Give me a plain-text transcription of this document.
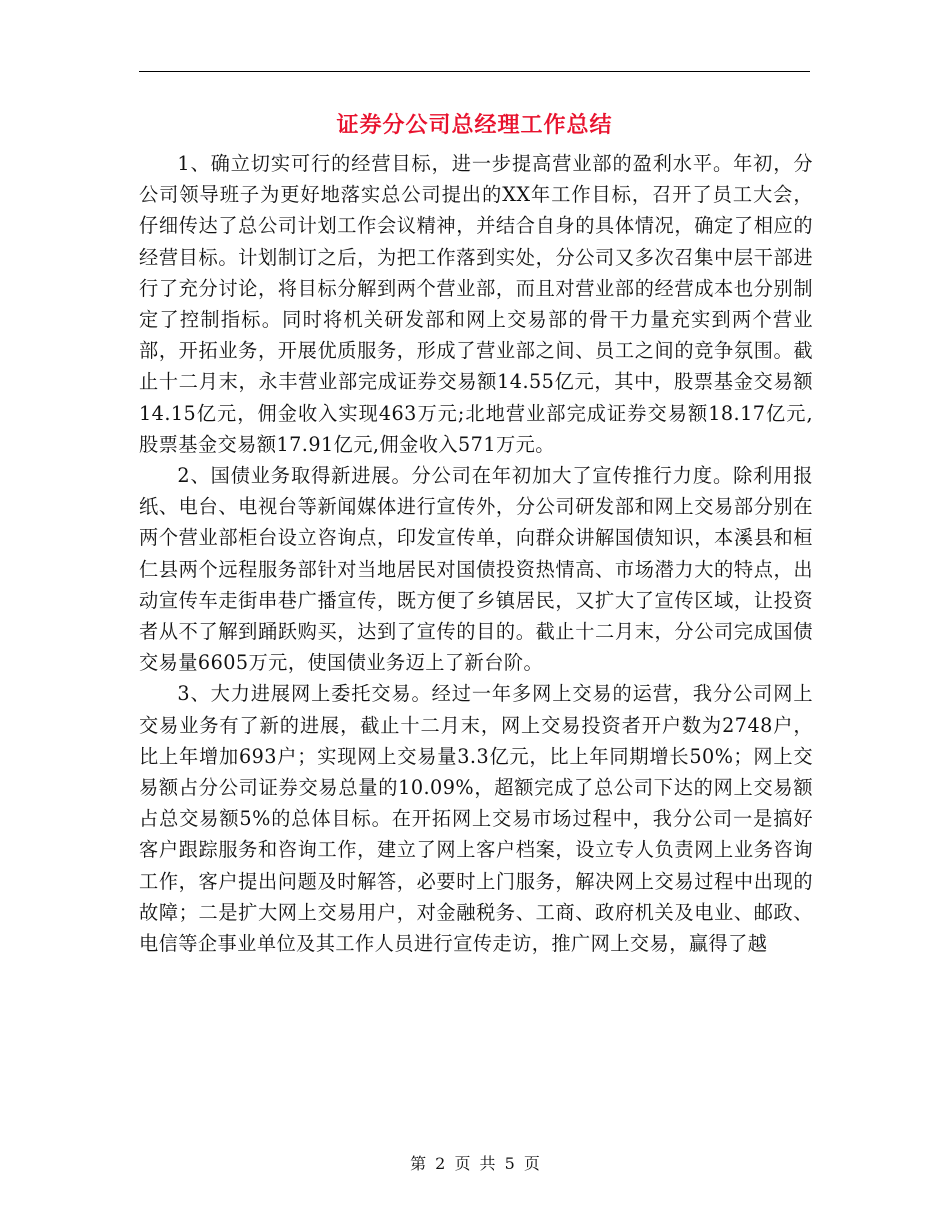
证券分公司总经理工作总结

1、确立切实可行的经营目标，进一步提高营业部的盈利水平。年初，分公司领导班子为更好地落实总公司提出的XX年工作目标，召开了员工大会，仔细传达了总公司计划工作会议精神，并结合自身的具体情况，确定了相应的经营目标。计划制订之后，为把工作落到实处，分公司又多次召集中层干部进行了充分讨论，将目标分解到两个营业部，而且对营业部的经营成本也分别制定了控制指标。同时将机关研发部和网上交易部的骨干力量充实到两个营业部，开拓业务，开展优质服务，形成了营业部之间、员工之间的竞争氛围。截止十二月末，永丰营业部完成证券交易额14.55亿元，其中，股票基金交易额14.15亿元，佣金收入实现463万元;北地营业部完成证券交易额18.17亿元,股票基金交易额17.91亿元,佣金收入571万元。

2、国债业务取得新进展。分公司在年初加大了宣传推行力度。除利用报纸、电台、电视台等新闻媒体进行宣传外，分公司研发部和网上交易部分别在两个营业部柜台设立咨询点，印发宣传单，向群众讲解国债知识，本溪县和桓仁县两个远程服务部针对当地居民对国债投资热情高、市场潜力大的特点，出动宣传车走街串巷广播宣传，既方便了乡镇居民，又扩大了宣传区域，让投资者从不了解到踊跃购买，达到了宣传的目的。截止十二月末，分公司完成国债交易量6605万元，使国债业务迈上了新台阶。

3、大力进展网上委托交易。经过一年多网上交易的运营，我分公司网上交易业务有了新的进展，截止十二月末，网上交易投资者开户数为2748户，比上年增加693户；实现网上交易量3.3亿元，比上年同期增长50%；网上交易额占分公司证券交易总量的10.09%，超额完成了总公司下达的网上交易额占总交易额5%的总体目标。在开拓网上交易市场过程中，我分公司一是搞好客户跟踪服务和咨询工作，建立了网上客户档案，设立专人负责网上业务咨询工作，客户提出问题及时解答，必要时上门服务，解决网上交易过程中出现的故障；二是扩大网上交易用户，对金融税务、工商、政府机关及电业、邮政、电信等企事业单位及其工作人员进行宣传走访，推广网上交易，赢得了越

第 2 页 共 5 页
